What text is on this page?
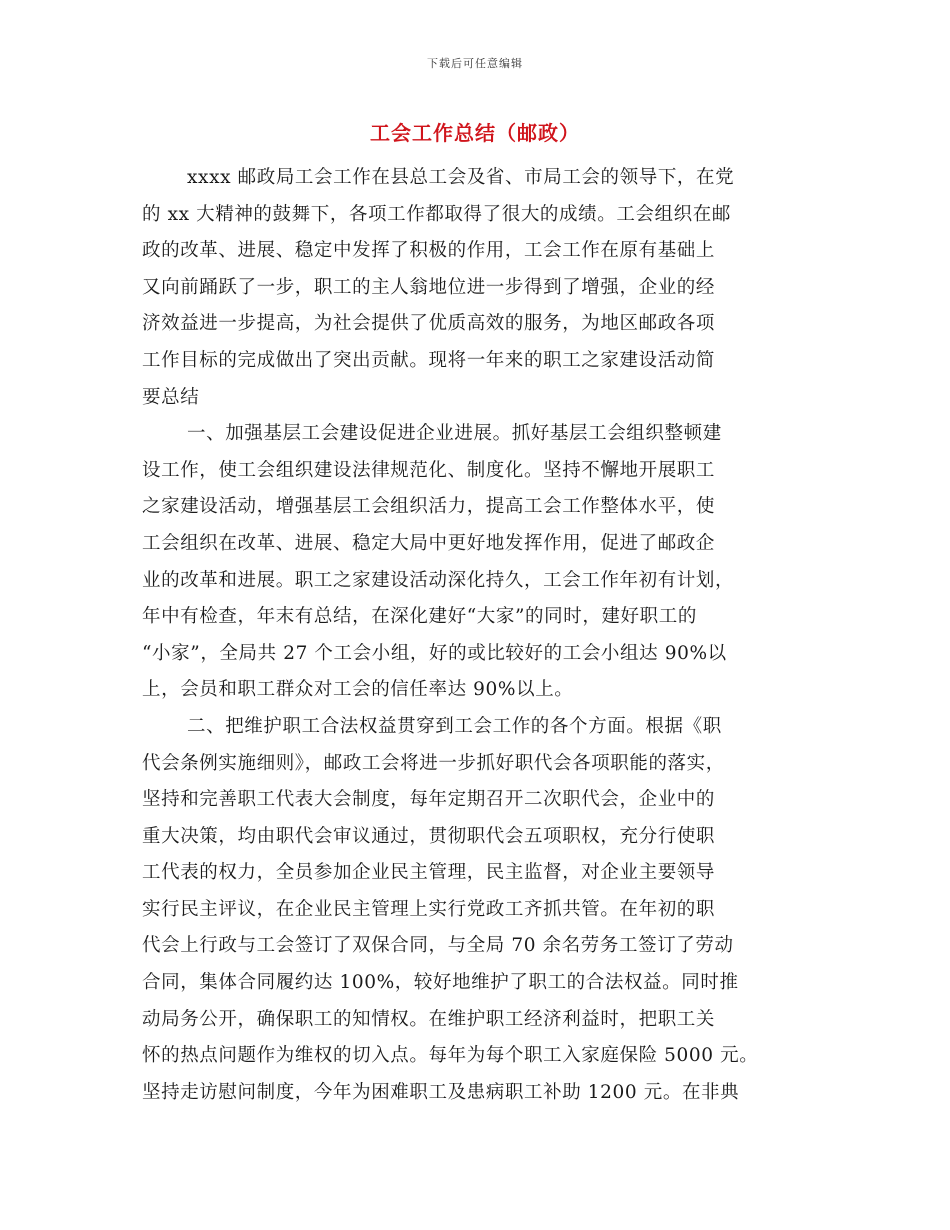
下载后可任意编辑
工会工作总结（邮政）
xxxx 邮政局工会工作在县总工会及省、市局工会的领导下，在党
的 xx 大精神的鼓舞下，各项工作都取得了很大的成绩。工会组织在邮
政的改革、进展、稳定中发挥了积极的作用，工会工作在原有基础上
又向前踊跃了一步，职工的主人翁地位进一步得到了增强，企业的经
济效益进一步提高，为社会提供了优质高效的服务，为地区邮政各项
工作目标的完成做出了突出贡献。现将一年来的职工之家建设活动简
要总结
一、加强基层工会建设促进企业进展。抓好基层工会组织整顿建
设工作，使工会组织建设法律规范化、制度化。坚持不懈地开展职工
之家建设活动，增强基层工会组织活力，提高工会工作整体水平，使
工会组织在改革、进展、稳定大局中更好地发挥作用，促进了邮政企
业的改革和进展。职工之家建设活动深化持久，工会工作年初有计划，
年中有检查，年末有总结，在深化建好“大家”的同时，建好职工的
“小家”，全局共 27 个工会小组，好的或比较好的工会小组达 90%以
上，会员和职工群众对工会的信任率达 90%以上。
二、把维护职工合法权益贯穿到工会工作的各个方面。根据《职
代会条例实施细则》，邮政工会将进一步抓好职代会各项职能的落实，
坚持和完善职工代表大会制度，每年定期召开二次职代会，企业中的
重大决策，均由职代会审议通过，贯彻职代会五项职权，充分行使职
工代表的权力，全员参加企业民主管理，民主监督，对企业主要领导
实行民主评议，在企业民主管理上实行党政工齐抓共管。在年初的职
代会上行政与工会签订了双保合同，与全局 70 余名劳务工签订了劳动
合同，集体合同履约达 100%，较好地维护了职工的合法权益。同时推
动局务公开，确保职工的知情权。在维护职工经济利益时，把职工关
怀的热点问题作为维权的切入点。每年为每个职工入家庭保险 5000 元。
坚持走访慰问制度，今年为困难职工及患病职工补助 1200 元。在非典
